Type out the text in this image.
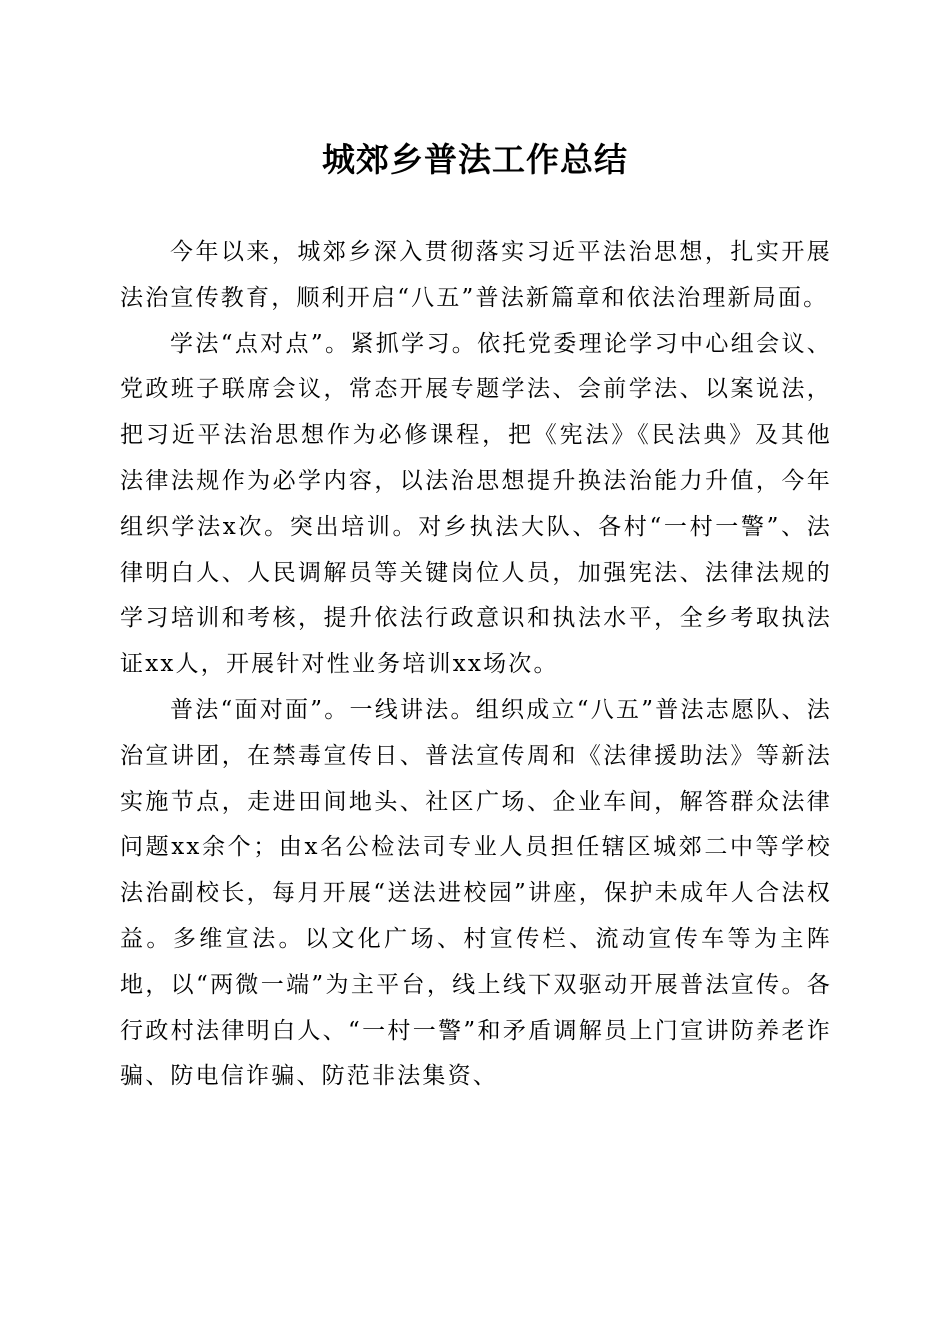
城郊乡普法工作总结

今年以来，城郊乡深入贯彻落实习近平法治思想，扎实开展法治宣传教育，顺利开启“八五”普法新篇章和依法治理新局面。

学法“点对点”。紧抓学习。依托党委理论学习中心组会议、党政班子联席会议，常态开展专题学法、会前学法、以案说法，把习近平法治思想作为必修课程，把《宪法》《民法典》及其他法律法规作为必学内容，以法治思想提升换法治能力升值，今年组织学法x次。突出培训。对乡执法大队、各村“一村一警”、法律明白人、人民调解员等关键岗位人员，加强宪法、法律法规的学习培训和考核，提升依法行政意识和执法水平，全乡考取执法证xx人，开展针对性业务培训xx场次。

普法“面对面”。一线讲法。组织成立“八五”普法志愿队、法治宣讲团，在禁毒宣传日、普法宣传周和《法律援助法》等新法实施节点，走进田间地头、社区广场、企业车间，解答群众法律问题xx余个；由x名公检法司专业人员担任辖区城郊二中等学校法治副校长，每月开展“送法进校园”讲座，保护未成年人合法权益。多维宣法。以文化广场、村宣传栏、流动宣传车等为主阵地，以“两微一端”为主平台，线上线下双驱动开展普法宣传。各行政村法律明白人、“一村一警”和矛盾调解员上门宣讲防养老诈骗、防电信诈骗、防范非法集资、
